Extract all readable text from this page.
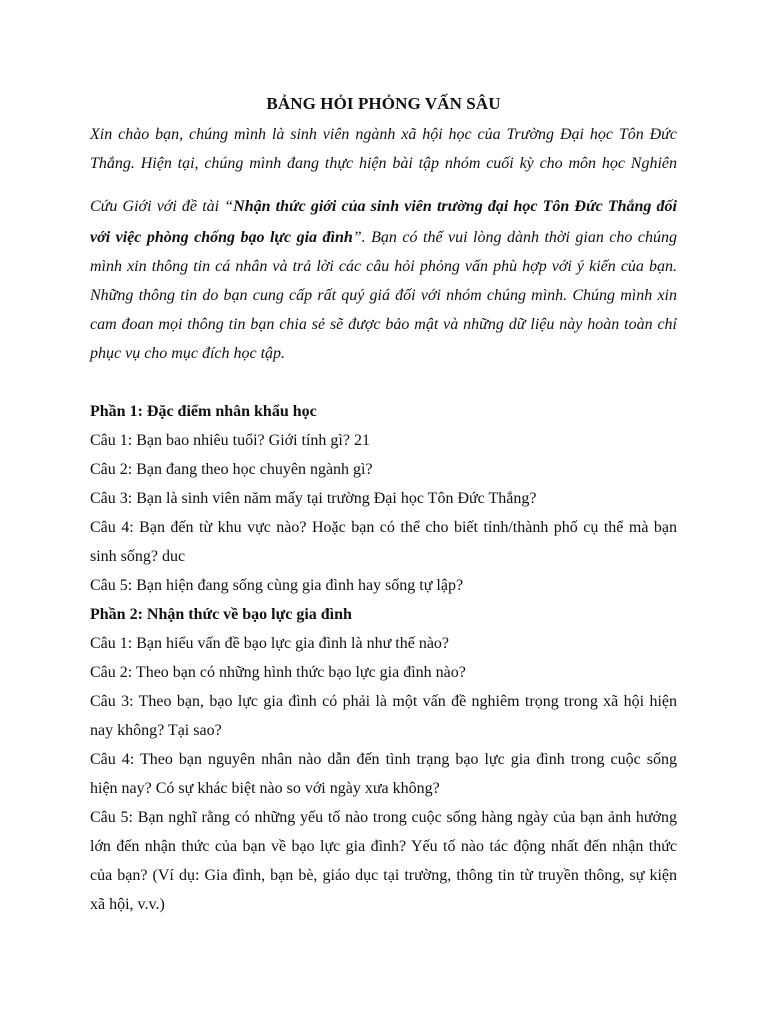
BẢNG HỎI PHỎNG VẤN SÂU
Xin chào bạn, chúng mình là sinh viên ngành xã hội học của Trường Đại học Tôn Đức
Thắng. Hiện tại, chúng mình đang thực hiện bài tập nhóm cuối kỳ cho môn học Nghiên
Cứu Giới với đề tài “Nhận thức giới của sinh viên trường đại học Tôn Đức Thắng đối
với việc phòng chống bạo lực gia đình”. Bạn có thể vui lòng dành thời gian cho chúng
mình xin thông tin cá nhân và trả lời các câu hỏi phỏng vấn phù hợp với ý kiến của bạn.
Những thông tin do bạn cung cấp rất quý giá đối với nhóm chúng mình. Chúng mình xin
cam đoan mọi thông tin bạn chia sẻ sẽ được bảo mật và những dữ liệu này hoàn toàn chỉ
phục vụ cho mục đích học tập.
Phần 1: Đặc điểm nhân khẩu học
Câu 1: Bạn bao nhiêu tuổi? Giới tính gì? 21
Câu 2: Bạn đang theo học chuyên ngành gì?
Câu 3: Bạn là sinh viên năm mấy tại trường Đại học Tôn Đức Thắng?
Câu 4: Bạn đến từ khu vực nào? Hoặc bạn có thể cho biết tỉnh/thành phố cụ thể mà bạn
sinh sống? duc
Câu 5: Bạn hiện đang sống cùng gia đình hay sống tự lập?
Phần 2: Nhận thức về bạo lực gia đình
Câu 1: Bạn hiểu vấn đề bạo lực gia đình là như thế nào?
Câu 2: Theo bạn có những hình thức bạo lực gia đình nào?
Câu 3: Theo bạn, bạo lực gia đình có phải là một vấn đề nghiêm trọng trong xã hội hiện
nay không? Tại sao?
Câu 4: Theo bạn nguyên nhân nào dẫn đến tình trạng bạo lực gia đình trong cuộc sống
hiện nay? Có sự khác biệt nào so với ngày xưa không?
Câu 5: Bạn nghĩ rằng có những yếu tố nào trong cuộc sống hàng ngày của bạn ảnh hưởng
lớn đến nhận thức của bạn về bạo lực gia đình? Yếu tố nào tác động nhất đến nhận thức
của bạn? (Ví dụ: Gia đình, bạn bè, giáo dục tại trường, thông tin từ truyền thông, sự kiện
xã hội, v.v.)
